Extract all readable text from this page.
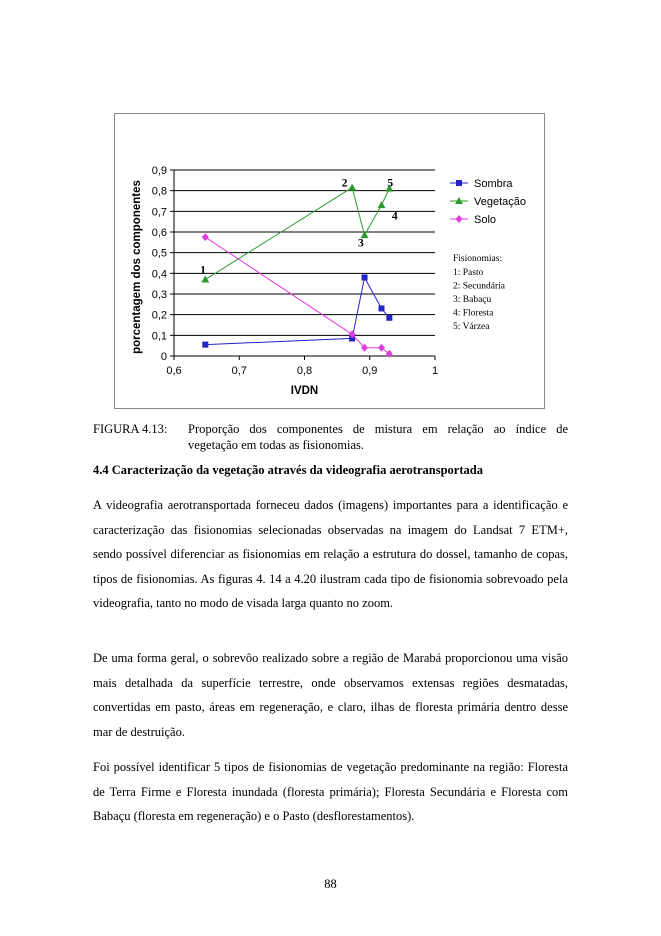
0
0,1
0,2
0,3
0,4
0,5
0,6
0,7
0,8
0,9
0,6	0,7	0,8	0,9	1
IVDN
porcentagem dos componentes	Sombra
Vegetação
Solo
1
2
3
4
5
Fisionomias:
1: Pasto
2: Secundária
3: Babaçu
4: Floresta
5: Várzea
FIGURA 4.13:	Proporção dos componentes de mistura em relação ao índice de
vegetação em todas as fisionomias.
4.4 Caracterização da vegetação através da videografia aerotransportada

A videografia aerotransportada forneceu dados (imagens) importantes para a identificação e caracterização das fisionomias selecionadas observadas na imagem do Landsat 7 ETM+, sendo possível diferenciar as fisionomias em relação a estrutura do dossel, tamanho de copas, tipos de fisionomias. As figuras 4. 14 a 4.20 ilustram cada tipo de fisionomia sobrevoado pela videografia, tanto no modo de visada larga quanto no zoom.

De uma forma geral, o sobrevôo realizado sobre a região de Marabá proporcionou uma visão mais detalhada da superfície terrestre, onde observamos extensas regiões desmatadas, convertidas em pasto, áreas em regeneração, e claro, ilhas de floresta primária dentro desse mar de destruição.

Foi possível identificar 5 tipos de fisionomias de vegetação predominante na região: Floresta de Terra Firme e Floresta inundada (floresta primária); Floresta Secundária e Floresta com Babaçu (floresta em regeneração) e o Pasto (desflorestamentos).

88
